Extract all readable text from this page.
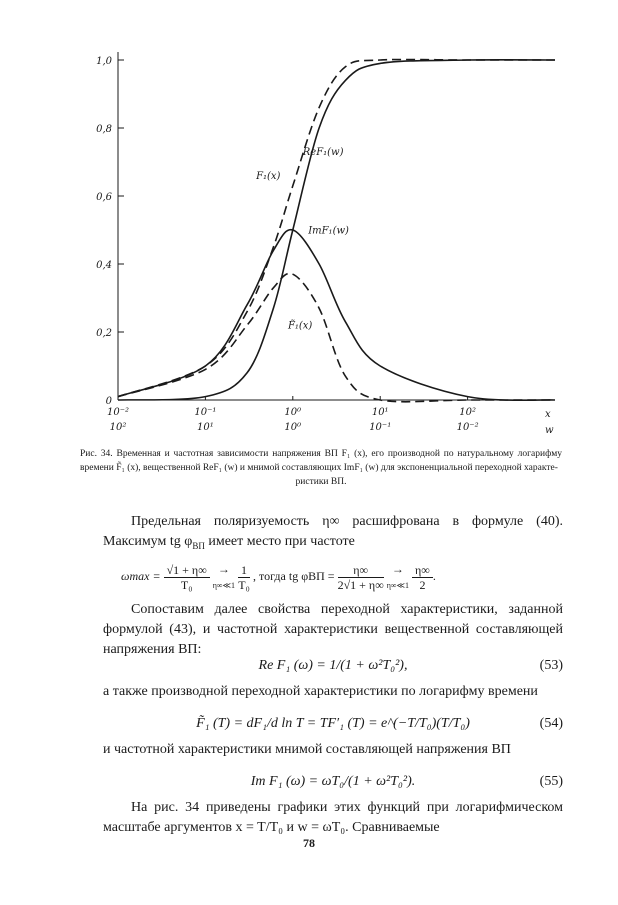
0
0,2
0,4
0,6
0,8
1,0
10⁻²
10²
10⁻¹
10¹
10⁰
10⁰
10¹
10⁻¹
10²
10⁻²
x
w
ReF₁(w)
F₁(x)
ImF₁(w)
F̃₁(x)
Рис. 34. Временная и частотная зависимости напряжения ВП F₁ (x), его производной по натуральному логарифму времени F̃₁ (x), вещественной ReF₁ (w) и мнимой составляющих ImF₁ (w) для экспоненциальной переходной характе-
ристики ВП.
Предельная поляризуемость η∞ расшифрована в формуле (40). Максимум tg $\varphi_{ВП}$ имеет место при частоте
$\omega\max = \frac{√1 + \eta\infty}{\text{T₀}}$ →
η∞≪1 $\frac{1}{\text{T₀}}$ , тогда tg $\varphi ВП = \frac{\eta\infty}{2√1 + \eta\infty}$ →
η∞≪1 $\frac{\eta\infty}{2}$ .
Сопоставим далее свойства переходной характеристики, заданной формулой (43), и частотной характеристики вещественной составляющей напряжения ВП:
Re F₁ (ω) = 1/(1 + ω²T₀²),	(53)
а также производной переходной характеристики по логарифму времени
F̃₁ (T) = dF₁/d ln T = TF′₁ (T) = e^(−T/T₀)(T/T₀)	(54)
и частотной характеристики мнимой составляющей напряжения ВП
Im F₁ (ω) = ωT₀/(1 + ω²T₀²).	(55)
На рис. 34 приведены графики этих функций при логарифмическом масштабе аргументов x = T/T₀ и w = ωT₀. Сравниваемые
78
